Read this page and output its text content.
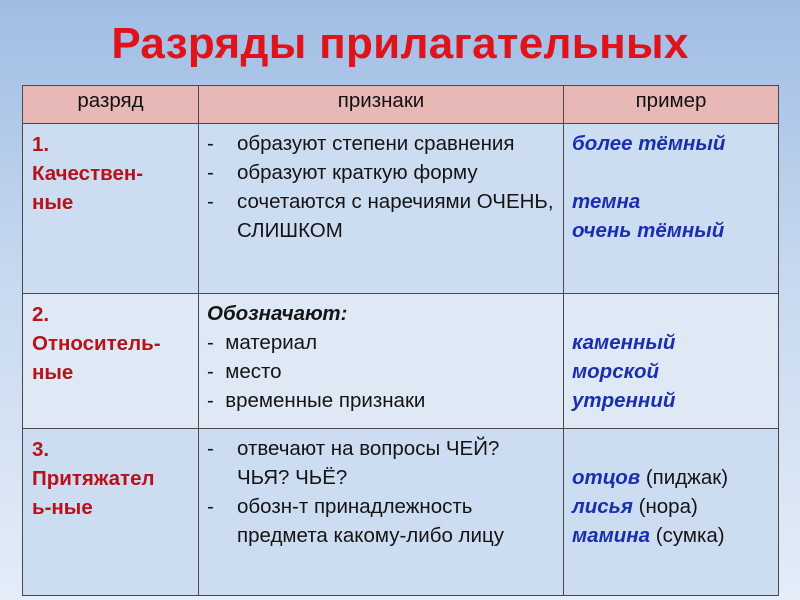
Разряды прилагательных
разряд	признаки	пример

1.
Качествен-
ные	- образуют степени сравнения
- образуют краткую форму
- сочетаются с наречиями ОЧЕНЬ, СЛИШКОМ	более тёмный
темна
очень тёмный

2.
Относитель-
ные	Обозначают:
-  материал
-  место
-  временные признаки	каменный
морской
утренний

3.
Притяжател
ь-ные	- отвечают на вопросы ЧЕЙ? ЧЬЯ? ЧЬЁ?
- обозн-т принадлежность предмета какому-либо лицу	отцов (пиджак)
лисья (нора)
мамина (сумка)
